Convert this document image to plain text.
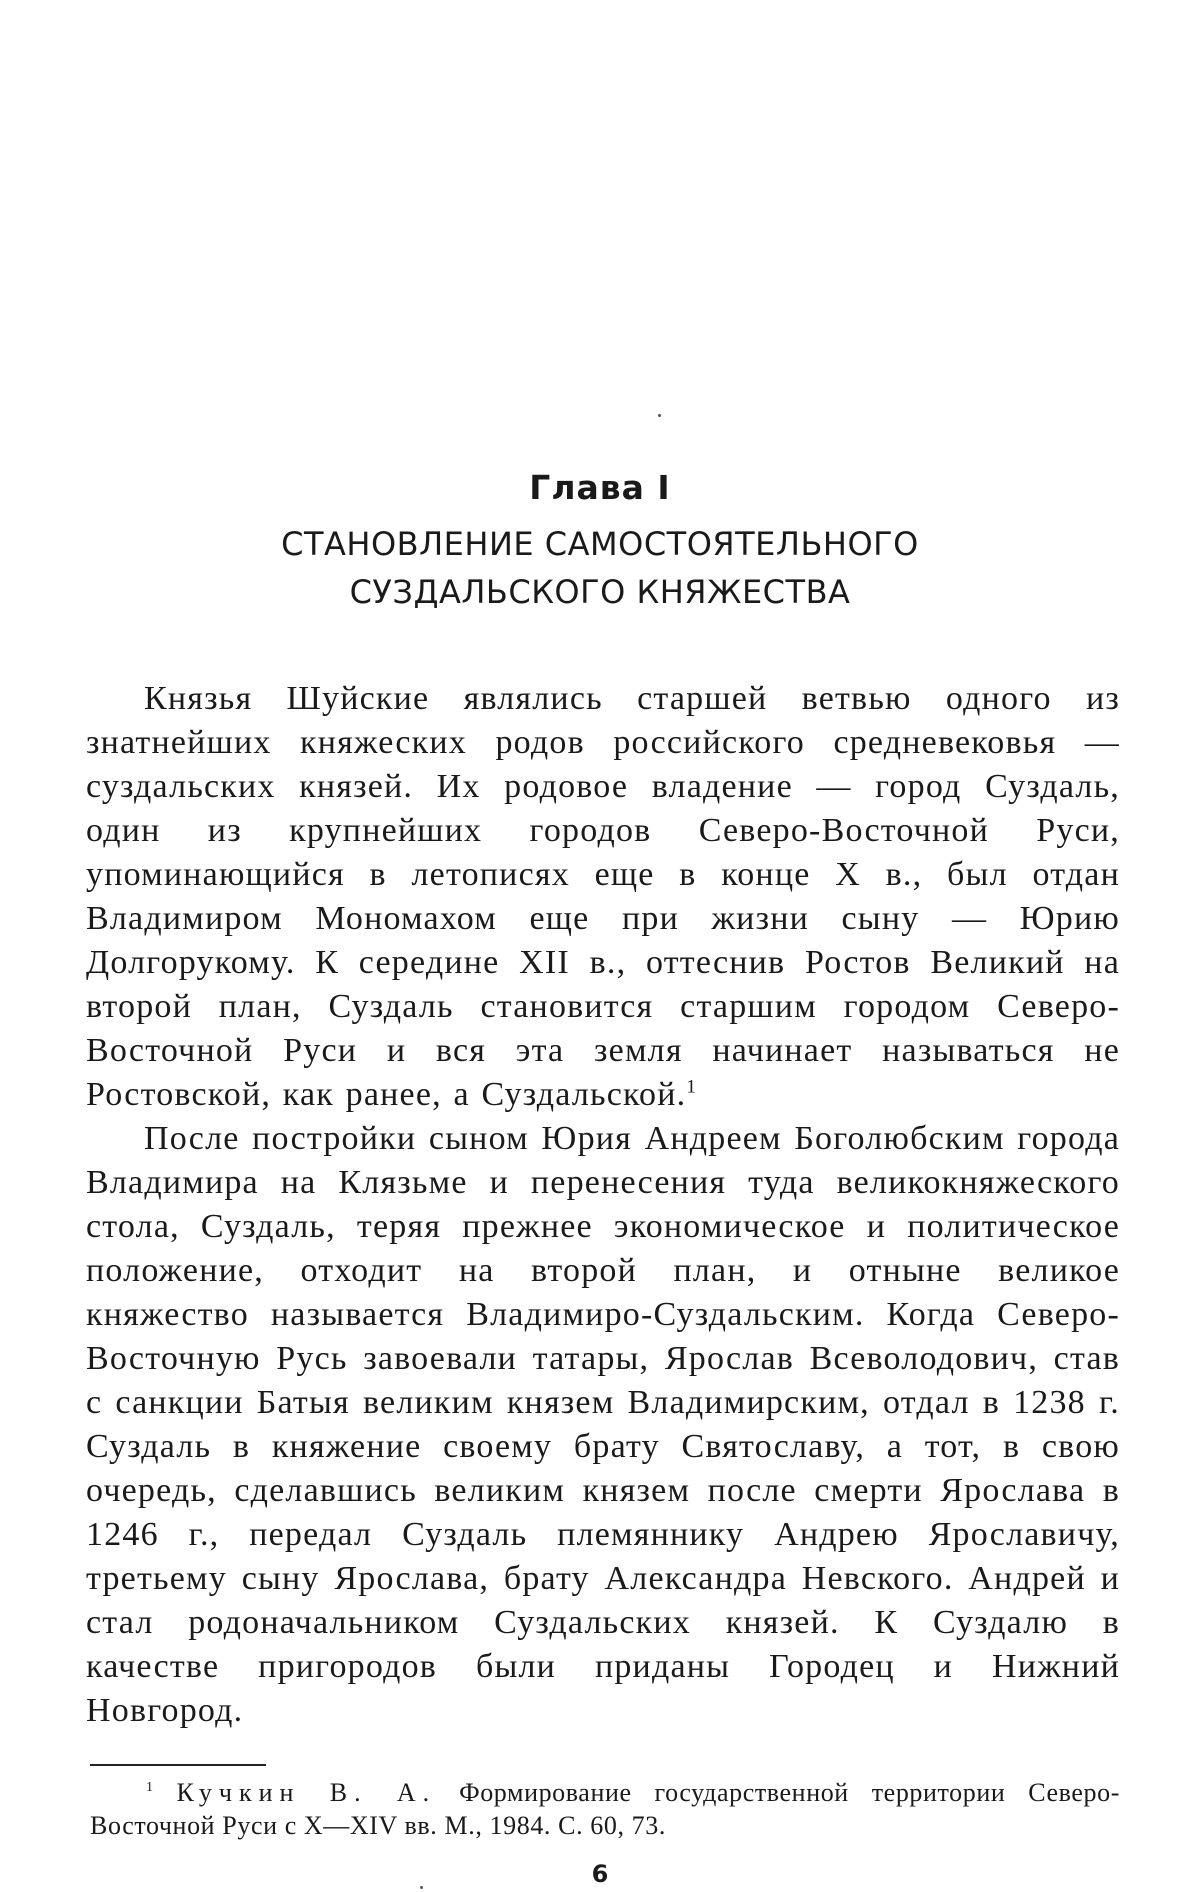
Глава I
СТАНОВЛЕНИЕ САМОСТОЯТЕЛЬНОГО
СУЗДАЛЬСКОГО КНЯЖЕСТВА

Князья Шуйские являлись старшей ветвью одного из знатнейших княжеских родов российского средневековья — суздальских князей. Их родовое владение — город Суздаль, один из крупнейших городов Северо-Восточной Руси, упоминающийся в летописях еще в конце X в., был отдан Владимиром Мономахом еще при жизни сыну — Юрию Долгорукому. К середине XII в., оттеснив Ростов Великий на второй план, Суздаль становится старшим городом Северо-Восточной Руси и вся эта земля начинает называться не Ростовской, как ранее, а Суздальской.$^1$

После постройки сыном Юрия Андреем Боголюбским города Владимира на Клязьме и перенесения туда великокняжеского стола, Суздаль, теряя прежнее экономическое и политическое положение, отходит на второй план, и отныне великое княжество называется Владимиро-Суздальским. Когда Северо-Восточную Русь завоевали татары, Ярослав Всеволодович, став с санкции Батыя великим князем Владимирским, отдал в 1238 г. Суздаль в княжение своему брату Святославу, а тот, в свою очередь, сделавшись великим князем после смерти Ярослава в 1246 г., передал Суздаль племяннику Андрею Ярославичу, третьему сыну Ярослава, брату Александра Невского. Андрей и стал родоначальником Суздальских князей. К Суздалю в качестве пригородов были приданы Городец и Нижний Новгород.

$^1$ Кучкин В. А. Формирование государственной территории Северо-Восточной Руси с X—XIV вв. М., 1984. С. 60, 73.
6
